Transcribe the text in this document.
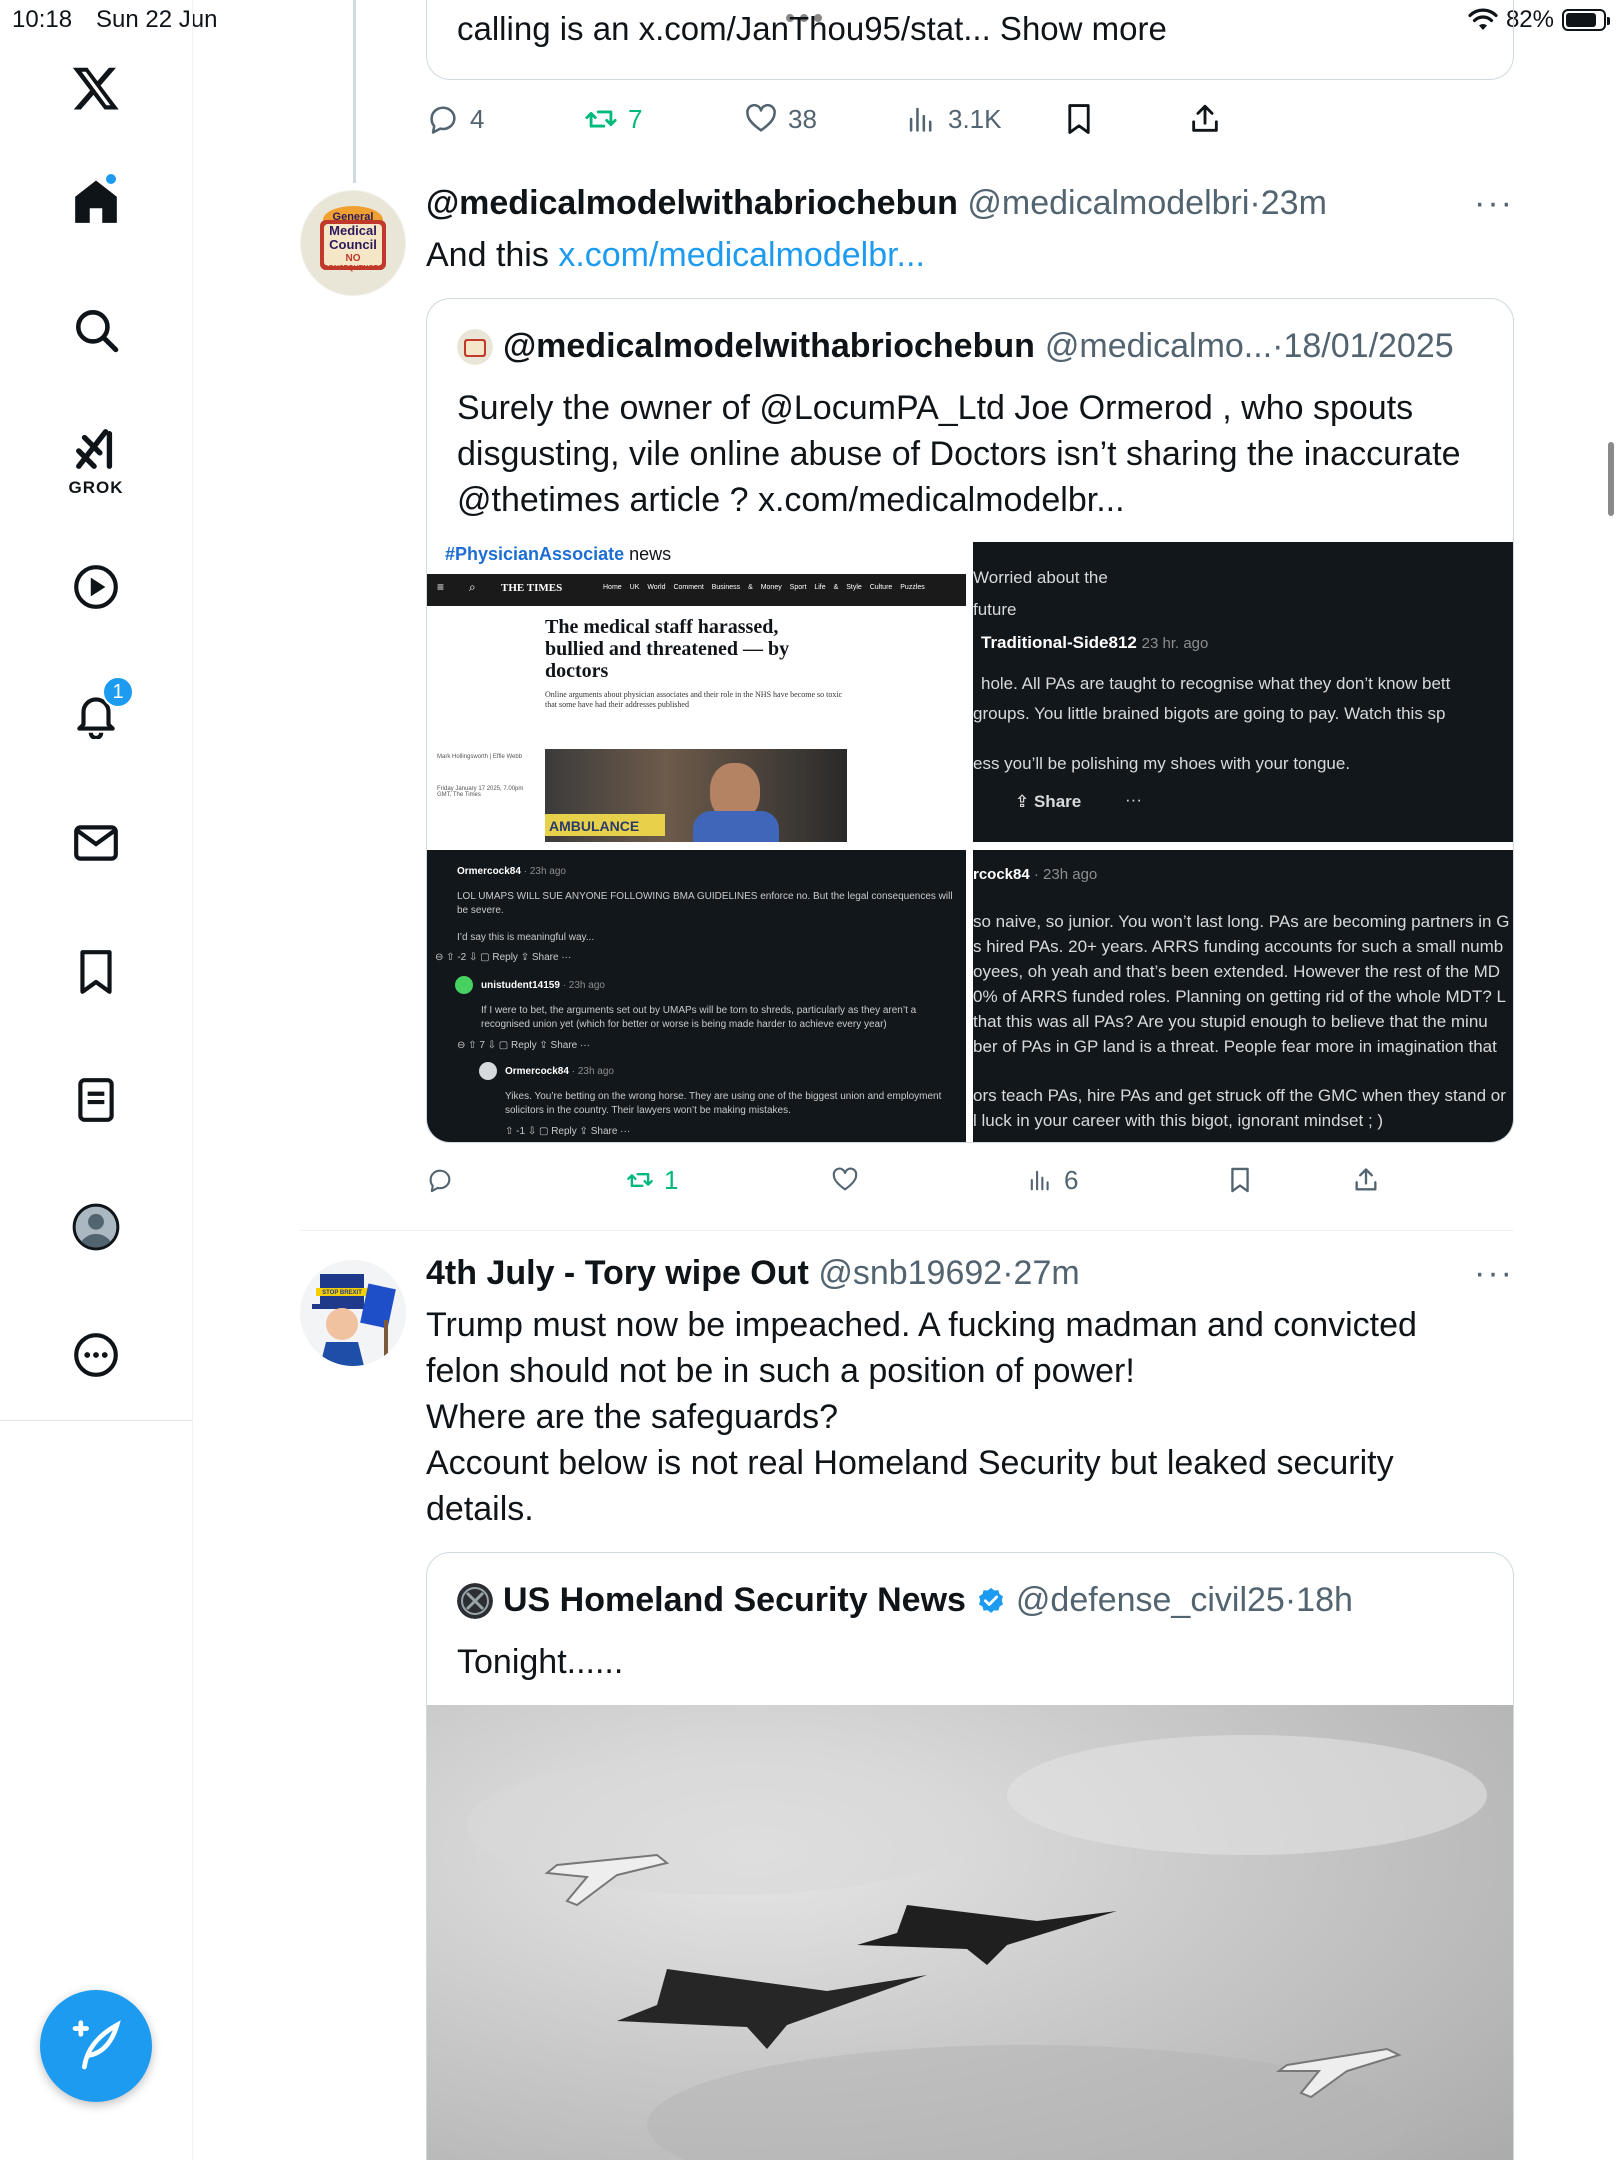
10:18 Sun 22 Jun	82%
GROK
1
calling is an x.com/JanThou95/stat... Show more
4	7	38	3.1K
General
Medical
Council
NO
CONSEQUENCES
@medicalmodelwithabriochebun @medicalmodelbri·23m	···
And this x.com/medicalmodelbr...
@medicalmodelwithabriochebun @medicalmo...·18/01/2025
Surely the owner of @LocumPA_Ltd Joe Ormerod , who spouts disgusting, vile online abuse of Doctors isn’t sharing the inaccurate @thetimes article ? x.com/medicalmodelbr...
#PhysicianAssociate news
≡ ⌕ THE TIMES	Home UK World Comment Business & Money Sport Life & Style Culture Puzzles
The medical staff harassed, bullied and threatened — by doctors
Online arguments about physician associates and their role in the NHS have become so toxic that some have had their addresses published
Mark Hollingsworth | Effie Webb
Friday January 17 2025, 7.00pm GMT, The Times
AMBULANCE
Worried about the
future
Traditional-Side812 23 hr. ago
hole. All PAs are taught to recognise what they don’t know bett
groups. You little brained bigots are going to pay. Watch this sp
ess you’ll be polishing my shoes with your tongue.
⇪ Share	···
Ormercock84 · 23h ago
LOL UMAPS WILL SUE ANYONE FOLLOWING BMA GUIDELINES enforce no. But the legal consequences will be severe.
I’d say this is meaningful way...
⊖ ⇧ -2 ⇩ ▢ Reply ⇪ Share ···
unistudent14159 · 23h ago
If I were to bet, the arguments set out by UMAPs will be torn to shreds, particularly as they aren’t a recognised union yet (which for better or worse is being made harder to achieve every year)
⊖ ⇧ 7 ⇩ ▢ Reply ⇪ Share ···
Ormercock84 · 23h ago
Yikes. You’re betting on the wrong horse. They are using one of the biggest union and employment solicitors in the country. Their lawyers won’t be making mistakes.
⇧ -1 ⇩ ▢ Reply ⇪ Share ···
rcock84 · 23h ago
so naive, so junior. You won’t last long. PAs are becoming partners in G
s hired PAs. 20+ years. ARRS funding accounts for such a small numb
oyees, oh yeah and that’s been extended. However the rest of the MD
0% of ARRS funded roles. Planning on getting rid of the whole MDT? L
that this was all PAs? Are you stupid enough to believe that the minu
ber of PAs in GP land is a threat. People fear more in imagination that
ors teach PAs, hire PAs and get struck off the GMC when they stand or
l luck in your career with this bigot, ignorant mindset ; )
1	6
STOP BREXIT
4th July - Tory wipe Out @snb19692·27m	···
Trump must now be impeached. A fucking madman and convicted
felon should not be in such a position of power!
Where are the safeguards?
Account below is not real Homeland Security but leaked security
details.
US Homeland Security News @defense_civil25·18h
Tonight......
